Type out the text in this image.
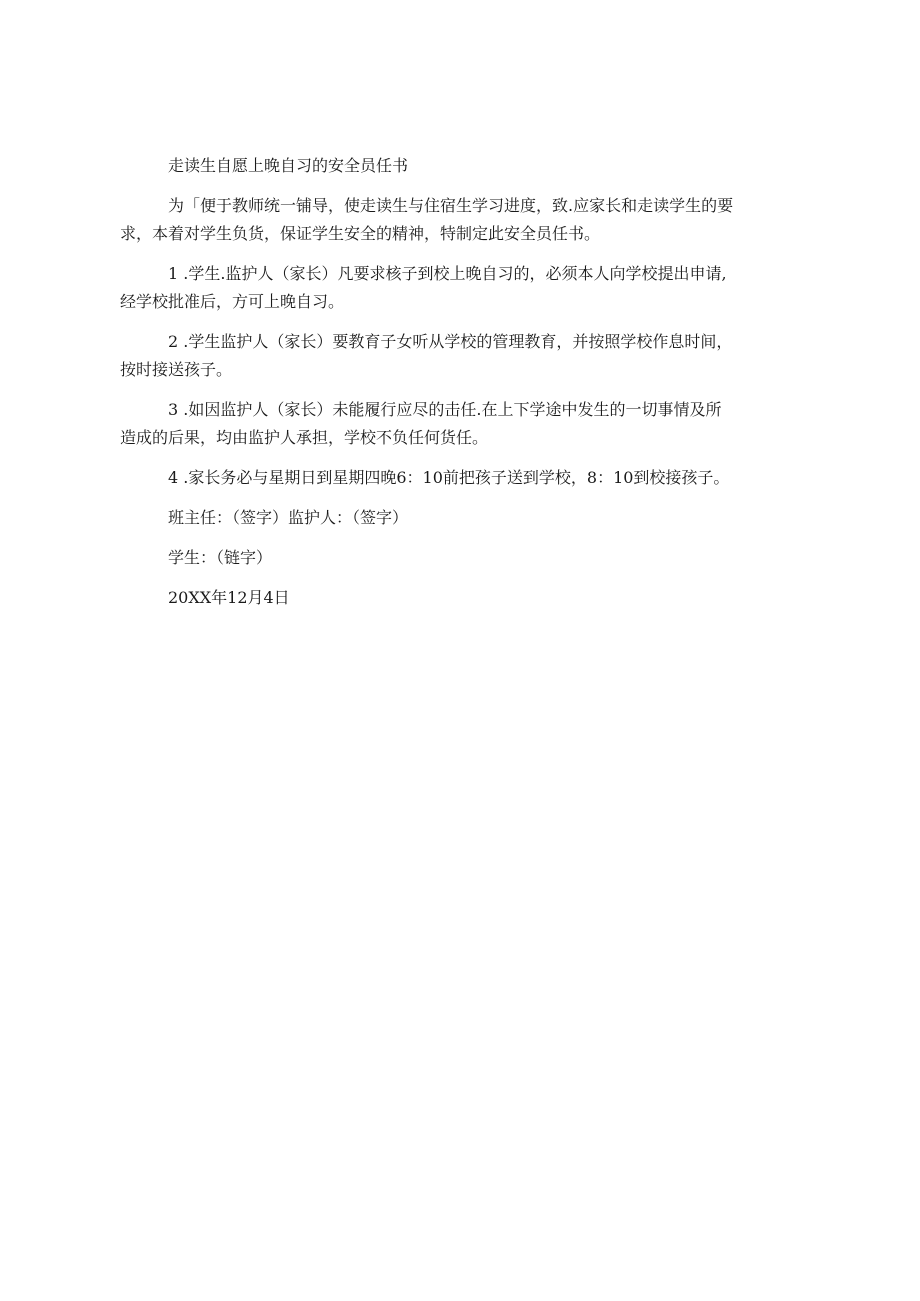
走读生自愿上晚自习的安全员任书

为「便于教师统一铺导，使走读生与住宿生学习进度，致.应家长和走读学生的要

求，本着对学生负货，保证学生安全的精神，特制定此安全员任书。

1 .学生.监护人（家长）凡要求核子到校上晚自习的，必须本人向学校提出申请,

经学校批准后，方可上晚自习。

2 .学生监护人（家长）要教育子女听从学校的管理教育，并按照学校作息时间，

按时接送孩子。

3 .如因监护人（家长）未能履行应尽的击任.在上下学途中发生的一切事情及所

造成的后果，均由监护人承担，学校不负任何货任。

4 .家长务必与星期日到星期四晚6：10前把孩子送到学校，8：10到校接孩子。

班主任：（签字）监护人：（签字）

学生：（链字）

20XX年12月4日
